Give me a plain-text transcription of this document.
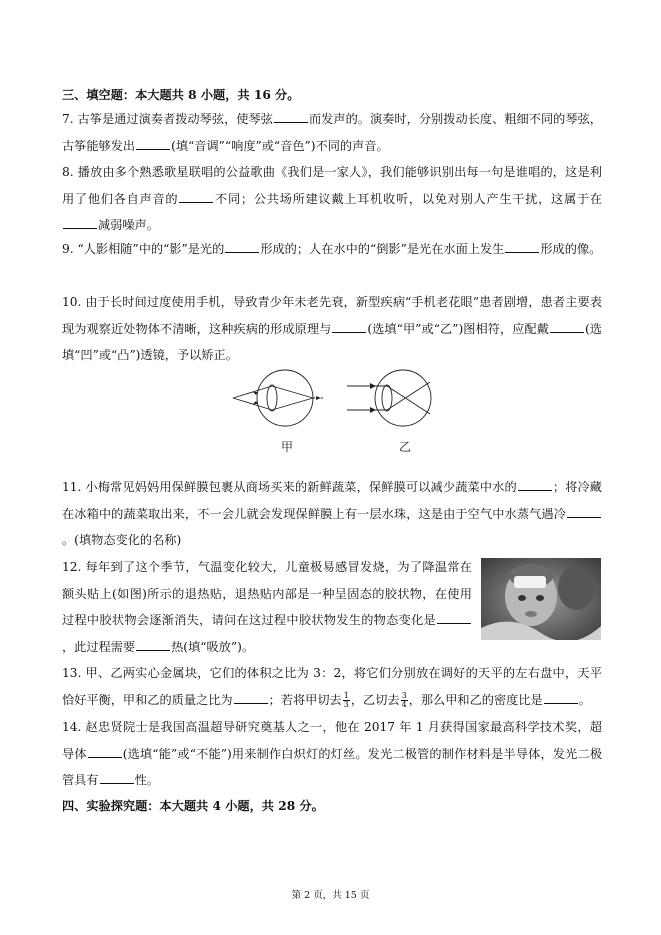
三、填空题：本大题共 8 小题，共 16 分。
7. 古筝是通过演奏者拨动琴弦，使琴弦	而发声的。演奏时，分别拨动长度、粗细不同的琴弦，古筝能够发出	(填“音调”“响度”或“音色”)不同的声音。
8. 播放由多个熟悉歌星联唱的公益歌曲《我们是一家人》，我们能够识别出每一句是谁唱的，这是利用了他们各自声音的	不同；公共场所建议戴上耳机收听，以免对别人产生干扰，这属于在减弱噪声。
9. “人影相随”中的“影”是光的	形成的；人在水中的“倒影”是光在水面上发生	形成的像。
10. 由于长时间过度使用手机，导致青少年未老先衰，新型疾病“手机老花眼”患者剧增，患者主要表现为观察近处物体不清晰，这种疾病的形成原理与	(选填“甲”或“乙”)图相符，应配戴	(选填“凹”或“凸”)透镜，予以矫正。
甲	乙
11. 小梅常见妈妈用保鲜膜包裹从商场买来的新鲜蔬菜，保鲜膜可以减少蔬菜中水的	；将冷藏在冰箱中的蔬菜取出来，不一会儿就会发现保鲜膜上有一层水珠，这是由于空气中水蒸气遇冷。(填物态变化的名称)
12. 每年到了这个季节，气温变化较大，儿童极易感冒发烧，为了降温常在额头贴上(如图)所示的退热贴，退热贴内部是一种呈固态的胶状物，在使用过程中胶状物会逐渐消失，请问在这过程中胶状物发生的物态变化是，此过程需要	热(填“吸放”)。
13. 甲、乙两实心金属块，它们的体积之比为 3：2，将它们分别放在调好的天平的左右盘中，天平恰好平衡，甲和乙的质量之比为	；若将甲切去 $\frac{1}{3}$ ，乙切去 $\frac{3}{4}$ ，那么甲和乙的密度比是	。
14. 赵忠贤院士是我国高温超导研究奠基人之一，他在 2017 年 1 月获得国家最高科学技术奖，超导体	(选填“能”或“不能”)用来制作白炽灯的灯丝。发光二极管的制作材料是半导体，发光二极管具有	性。
四、实验探究题：本大题共 4 小题，共 28 分。
第 2 页，共 15 页
